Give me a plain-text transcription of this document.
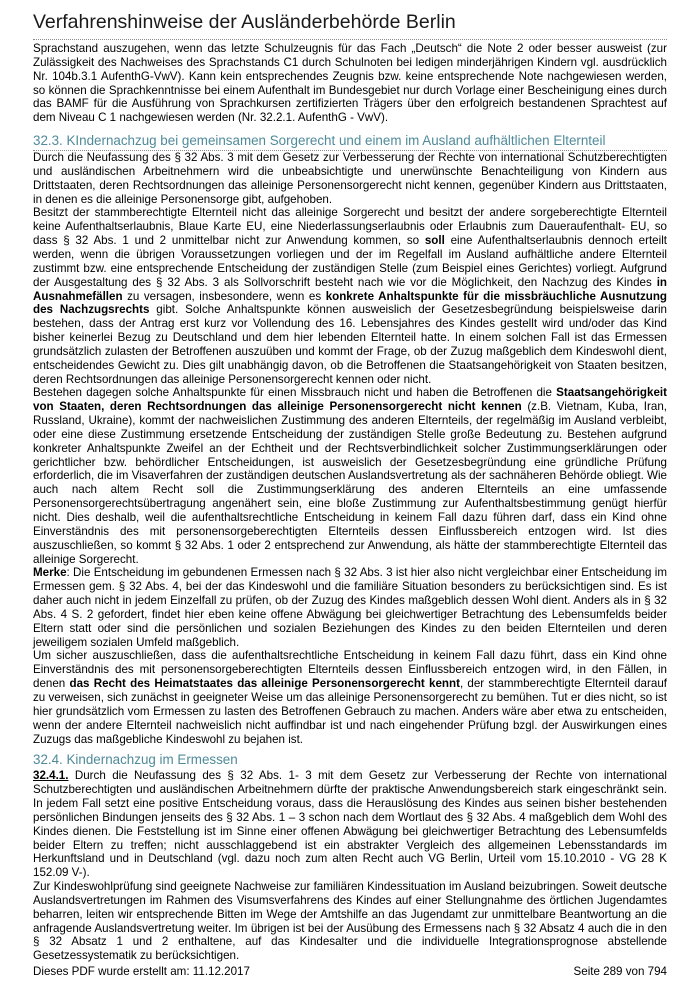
Verfahrenshinweise der Ausländerbehörde Berlin

Sprachstand auszugehen, wenn das letzte Schulzeugnis für das Fach „Deutsch“ die Note 2 oder besser ausweist (zur Zulässigkeit des Nachweises des Sprachstands C1 durch Schulnoten bei ledigen minderjährigen Kindern vgl. ausdrücklich Nr. 104b.3.1 AufenthG-VwV). Kann kein entsprechendes Zeugnis bzw. keine entsprechende Note nachgewiesen werden, so können die Sprachkenntnisse bei einem Aufenthalt im Bundesgebiet nur durch Vorlage einer Bescheinigung eines durch das BAMF für die Ausführung von Sprachkursen zertifizierten Trägers über den erfolgreich bestandenen Sprachtest auf dem Niveau C 1 nachgewiesen werden (Nr. 32.2.1. AufenthG - VwV).

32.3. KIndernachzug bei gemeinsamen Sorgerecht und einem im Ausland aufhältlichen Elternteil

Durch die Neufassung des § 32 Abs. 3 mit dem Gesetz zur Verbesserung der Rechte von international Schutzberechtigten und ausländischen Arbeitnehmern wird die unbeabsichtigte und unerwünschte Benachteiligung von Kindern aus Drittstaaten, deren Rechtsordnungen das alleinige Personensorgerecht nicht kennen, gegenüber Kindern aus Drittstaaten, in denen es die alleinige Personensorge gibt, aufgehoben.

Besitzt der stammberechtigte Elternteil nicht das alleinige Sorgerecht und besitzt der andere sorgeberechtigte Elternteil keine Aufenthaltserlaubnis, Blaue Karte EU, eine Niederlassungserlaubnis oder Erlaubnis zum Daueraufenthalt- EU, so dass § 32 Abs. 1 und 2 unmittelbar nicht zur Anwendung kommen, so soll eine Aufenthaltserlaubnis dennoch erteilt werden, wenn die übrigen Voraussetzungen vorliegen und der im Regelfall im Ausland aufhältliche andere Elternteil zustimmt bzw. eine entsprechende Entscheidung der zuständigen Stelle (zum Beispiel eines Gerichtes) vorliegt. Aufgrund der Ausgestaltung des § 32 Abs. 3 als Sollvorschrift besteht nach wie vor die Möglichkeit, den Nachzug des Kindes in Ausnahmefällen zu versagen, insbesondere, wenn es konkrete Anhaltspunkte für die missbräuchliche Ausnutzung des Nachzugsrechts gibt. Solche Anhaltspunkte können ausweislich der Gesetzesbegründung beispielsweise darin bestehen, dass der Antrag erst kurz vor Vollendung des 16. Lebensjahres des Kindes gestellt wird und/oder das Kind bisher keinerlei Bezug zu Deutschland und dem hier lebenden Elternteil hatte. In einem solchen Fall ist das Ermessen grundsätzlich zulasten der Betroffenen auszuüben und kommt der Frage, ob der Zuzug maßgeblich dem Kindeswohl dient, entscheidendes Gewicht zu. Dies gilt unabhängig davon, ob die Betroffenen die Staatsangehörigkeit von Staaten besitzen, deren Rechtsordnungen das alleinige Personensorgerecht kennen oder nicht.

Bestehen dagegen solche Anhaltspunkte für einen Missbrauch nicht und haben die Betroffenen die Staatsangehörigkeit von Staaten, deren Rechtsordnungen das alleinige Personensorgerecht nicht kennen (z.B. Vietnam, Kuba, Iran, Russland, Ukraine), kommt der nachweislichen Zustimmung des anderen Elternteils, der regelmäßig im Ausland verbleibt, oder eine diese Zustimmung ersetzende Entscheidung der zuständigen Stelle große Bedeutung zu. Bestehen aufgrund konkreter Anhaltspunkte Zweifel an der Echtheit und der Rechtsverbindlichkeit solcher Zustimmungserklärungen oder gerichtlicher bzw. behördlicher Entscheidungen, ist ausweislich der Gesetzesbegründung eine gründliche Prüfung erforderlich, die im Visaverfahren der zuständigen deutschen Auslandsvertretung als der sachnäheren Behörde obliegt. Wie auch nach altem Recht soll die Zustimmungserklärung des anderen Elternteils an eine umfassende Personensorgerechtsübertragung angenähert sein, eine bloße Zustimmung zur Aufenthaltsbestimmung genügt hierfür nicht. Dies deshalb, weil die aufenthaltsrechtliche Entscheidung in keinem Fall dazu führen darf, dass ein Kind ohne Einverständnis des mit personensorgeberechtigten Elternteils dessen Einflussbereich entzogen wird. Ist dies auszuschließen, so kommt § 32 Abs. 1 oder 2 entsprechend zur Anwendung, als hätte der stammberechtigte Elternteil das alleinige Sorgerecht.

Merke: Die Entscheidung im gebundenen Ermessen nach § 32 Abs. 3 ist hier also nicht vergleichbar einer Entscheidung im Ermessen gem. § 32 Abs. 4, bei der das Kindeswohl und die familiäre Situation besonders zu berücksichtigen sind. Es ist daher auch nicht in jedem Einzelfall zu prüfen, ob der Zuzug des Kindes maßgeblich dessen Wohl dient. Anders als in § 32 Abs. 4 S. 2 gefordert, findet hier eben keine offene Abwägung bei gleichwertiger Betrachtung des Lebensumfelds beider Eltern statt oder sind die persönlichen und sozialen Beziehungen des Kindes zu den beiden Elternteilen und deren jeweiligem sozialen Umfeld maßgeblich.

Um sicher auszuschließen, dass die aufenthaltsrechtliche Entscheidung in keinem Fall dazu führt, dass ein Kind ohne Einverständnis des mit personensorgeberechtigten Elternteils dessen Einflussbereich entzogen wird, in den Fällen, in denen das Recht des Heimatstaates das alleinige Personensorgerecht kennt, der stammberechtigte Elternteil darauf zu verweisen, sich zunächst in geeigneter Weise um das alleinige Personensorgerecht zu bemühen. Tut er dies nicht, so ist hier grundsätzlich vom Ermessen zu lasten des Betroffenen Gebrauch zu machen. Anders wäre aber etwa zu entscheiden, wenn der andere Elternteil nachweislich nicht auffindbar ist und nach eingehender Prüfung bzgl. der Auswirkungen eines Zuzugs das maßgebliche Kindeswohl zu bejahen ist.

32.4. Kindernachzug im Ermessen

32.4.1. Durch die Neufassung des § 32 Abs. 1- 3 mit dem Gesetz zur Verbesserung der Rechte von international Schutzberechtigten und ausländischen Arbeitnehmern dürfte der praktische Anwendungsbereich stark eingeschränkt sein. In jedem Fall setzt eine positive Entscheidung voraus, dass die Herauslösung des Kindes aus seinen bisher bestehenden persönlichen Bindungen jenseits des § 32 Abs. 1 – 3 schon nach dem Wortlaut des § 32 Abs. 4 maßgeblich dem Wohl des Kindes dienen. Die Feststellung ist im Sinne einer offenen Abwägung bei gleichwertiger Betrachtung des Lebensumfelds beider Eltern zu treffen; nicht ausschlaggebend ist ein abstrakter Vergleich des allgemeinen Lebensstandards im Herkunftsland und in Deutschland (vgl. dazu noch zum alten Recht auch VG Berlin, Urteil vom 15.10.2010 - VG 28 K 152.09 V-).

Zur Kindeswohlprüfung sind geeignete Nachweise zur familiären Kindessituation im Ausland beizubringen. Soweit deutsche Auslandsvertretungen im Rahmen des Visumsverfahrens des Kindes auf einer Stellungnahme des örtlichen Jugendamtes beharren, leiten wir entsprechende Bitten im Wege der Amtshilfe an das Jugendamt zur unmittelbare Beantwortung an die anfragende Auslandsvertretung weiter. Im übrigen ist bei der Ausübung des Ermessens nach § 32 Absatz 4 auch die in den § 32 Absatz 1 und 2 enthaltene, auf das Kindesalter und die individuelle Integrationsprognose abstellende Gesetzessystematik zu berücksichtigen.

Dieses PDF wurde erstellt am: 11.12.2017	Seite 289 von 794
